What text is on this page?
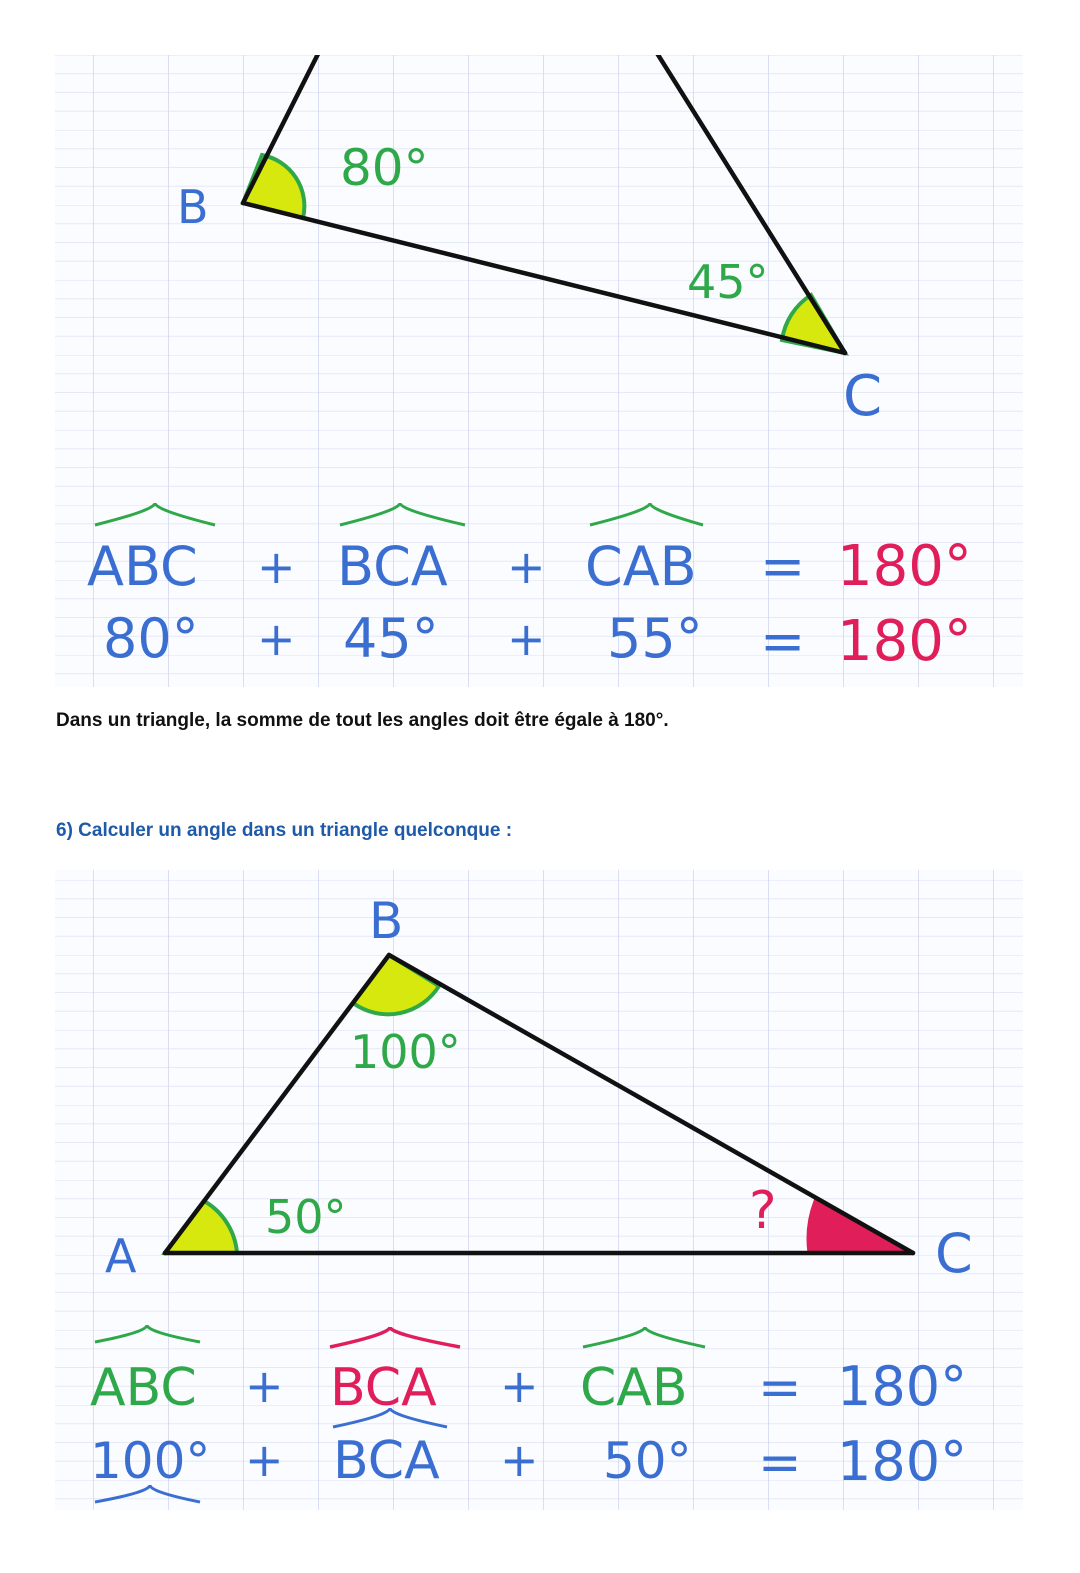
B
C
80°
45°
ABC + BCA + CAB = 180°
80° + 45° + 55° = 180°

Dans un triangle, la somme de tout les angles doit être égale à 180°.

6) Calculer un angle dans un triangle quelconque :

A
B
C
50°
100°
?
ABC + BCA + CAB = 180°
100° + BCA + 50° = 180°
